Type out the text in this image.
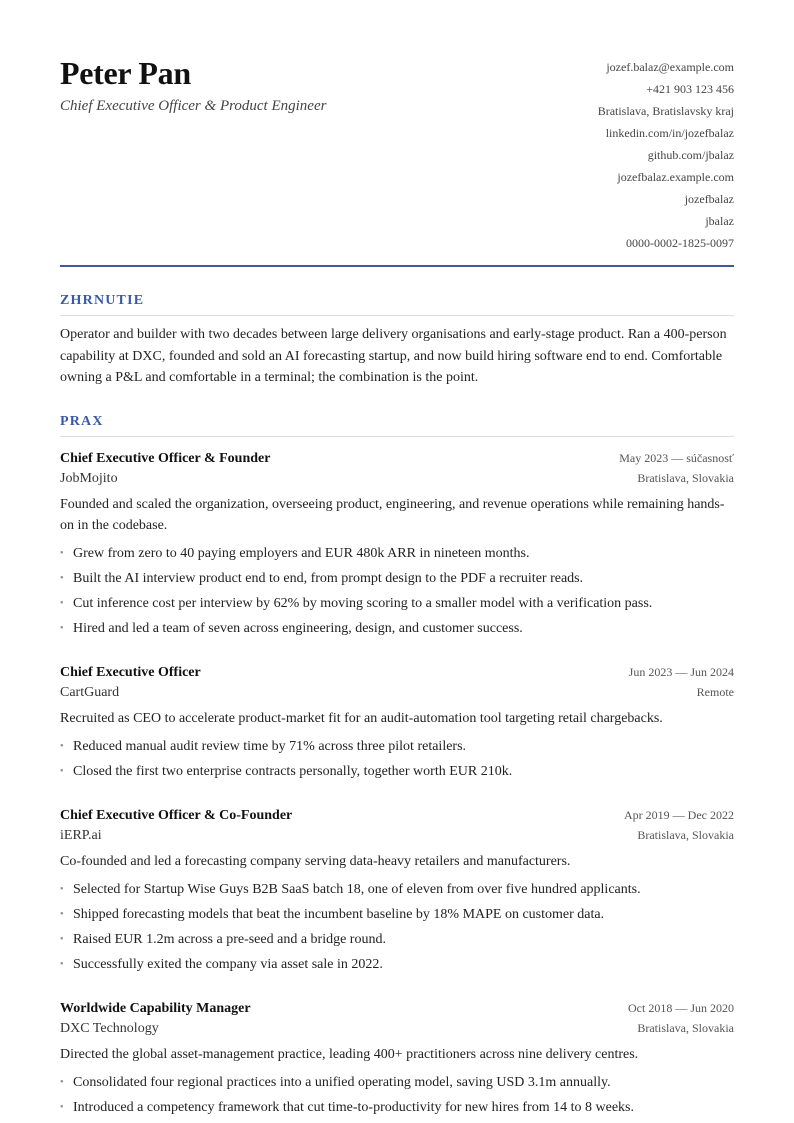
Peter Pan
Chief Executive Officer & Product Engineer
jozef.balaz@example.com
+421 903 123 456
Bratislava, Bratislavsky kraj
linkedin.com/in/jozefbalaz
github.com/jbalaz
jozefbalaz.example.com
jozefbalaz
jbalaz
0000-0002-1825-0097
ZHRNUTIE

Operator and builder with two decades between large delivery organisations and early-stage product. Ran a 400-person capability at DXC, founded and sold an AI forecasting startup, and now build hiring software end to end. Comfortable owning a P&L and comfortable in a terminal; the combination is the point.

PRAX
Chief Executive Officer & Founder	May 2023 — súčasnosť
JobMojito	Bratislava, Slovakia

Founded and scaled the organization, overseeing product, engineering, and revenue operations while remaining hands-on in the codebase.

• Grew from zero to 40 paying employers and EUR 480k ARR in nineteen months.
• Built the AI interview product end to end, from prompt design to the PDF a recruiter reads.
• Cut inference cost per interview by 62% by moving scoring to a smaller model with a verification pass.
• Hired and led a team of seven across engineering, design, and customer success.
Chief Executive Officer	Jun 2023 — Jun 2024
CartGuard	Remote

Recruited as CEO to accelerate product-market fit for an audit-automation tool targeting retail chargebacks.

• Reduced manual audit review time by 71% across three pilot retailers.
• Closed the first two enterprise contracts personally, together worth EUR 210k.
Chief Executive Officer & Co-Founder	Apr 2019 — Dec 2022
iERP.ai	Bratislava, Slovakia

Co-founded and led a forecasting company serving data-heavy retailers and manufacturers.

• Selected for Startup Wise Guys B2B SaaS batch 18, one of eleven from over five hundred applicants.
• Shipped forecasting models that beat the incumbent baseline by 18% MAPE on customer data.
• Raised EUR 1.2m across a pre-seed and a bridge round.
• Successfully exited the company via asset sale in 2022.
Worldwide Capability Manager	Oct 2018 — Jun 2020
DXC Technology	Bratislava, Slovakia

Directed the global asset-management practice, leading 400+ practitioners across nine delivery centres.

• Consolidated four regional practices into a unified operating model, saving USD 3.1m annually.
• Introduced a competency framework that cut time-to-productivity for new hires from 14 to 8 weeks.
